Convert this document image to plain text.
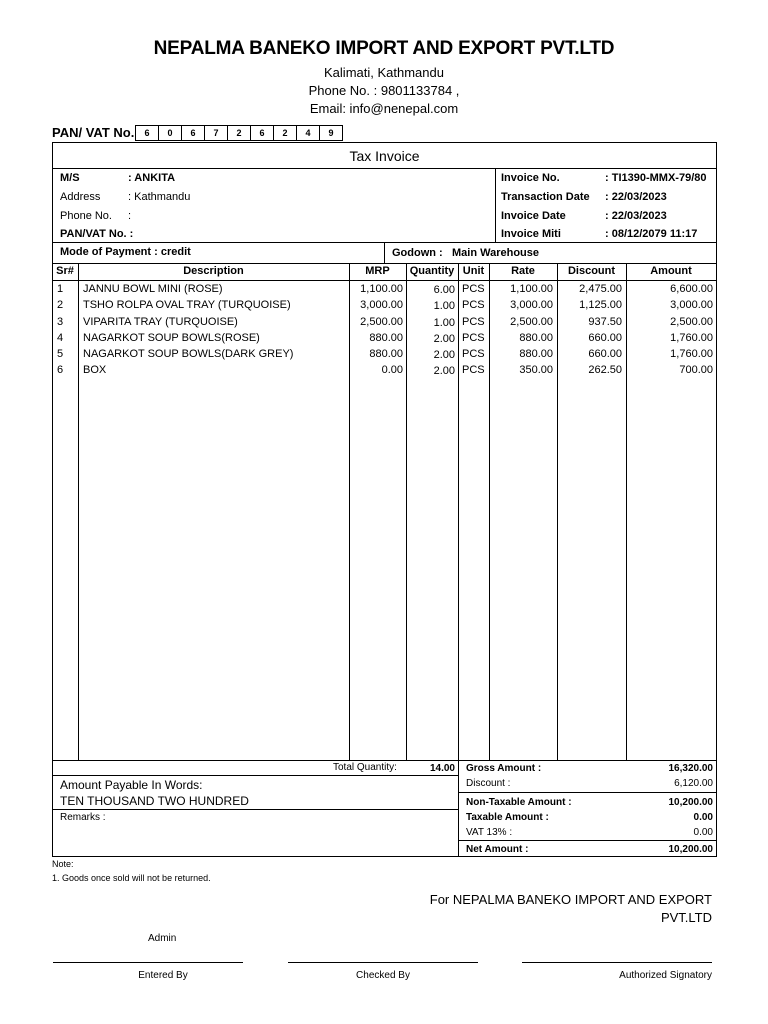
NEPALMA BANEKO IMPORT AND EXPORT PVT.LTD
Kalimati, Kathmandu
Phone No. : 9801133784 ,
Email: info@nenepal.com
PAN/ VAT No.	6	0	6	7	2	6	2	4	9
Tax Invoice
M/S	: ANKITA
Address	: Kathmandu
Phone No. :
PAN/VAT No. :
Invoice No.	: TI1390-MMX-79/80
Transaction Date : 22/03/2023
Invoice Date	: 22/03/2023
Invoice Miti	: 08/12/2079 11:17
Mode of Payment : credit	Godown : Main Warehouse
Sr#	Description	MRP	Quantity Unit	Rate	Discount	Amount
1 JANNU BOWL MINI (ROSE)	1,100.00	6.00 PCS	1,100.00	2,475.00	6,600.00
2 TSHO ROLPA OVAL TRAY (TURQUOISE)	3,000.00	1.00 PCS	3,000.00	1,125.00	3,000.00
3 VIPARITA TRAY (TURQUOISE)	2,500.00	1.00 PCS	2,500.00	937.50	2,500.00
4 NAGARKOT SOUP BOWLS(ROSE)	880.00	2.00 PCS	880.00	660.00	1,760.00
5 NAGARKOT SOUP BOWLS(DARK GREY)	880.00	2.00 PCS	880.00	660.00	1,760.00
6 BOX	0.00	2.00 PCS	350.00	262.50	700.00
Total Quantity:	14.00 Gross Amount :	16,320.00
Discount :	6,120.00
Non-Taxable Amount :	10,200.00
Taxable Amount :	0.00
VAT 13% :	0.00
Net Amount :	10,200.00
Amount Payable In Words:
TEN THOUSAND TWO HUNDRED
Remarks :
Note:
1. Goods once sold will not be returned.
For NEPALMA BANEKO IMPORT AND EXPORT
PVT.LTD
Admin
Entered By	Checked By	Authorized Signatory
